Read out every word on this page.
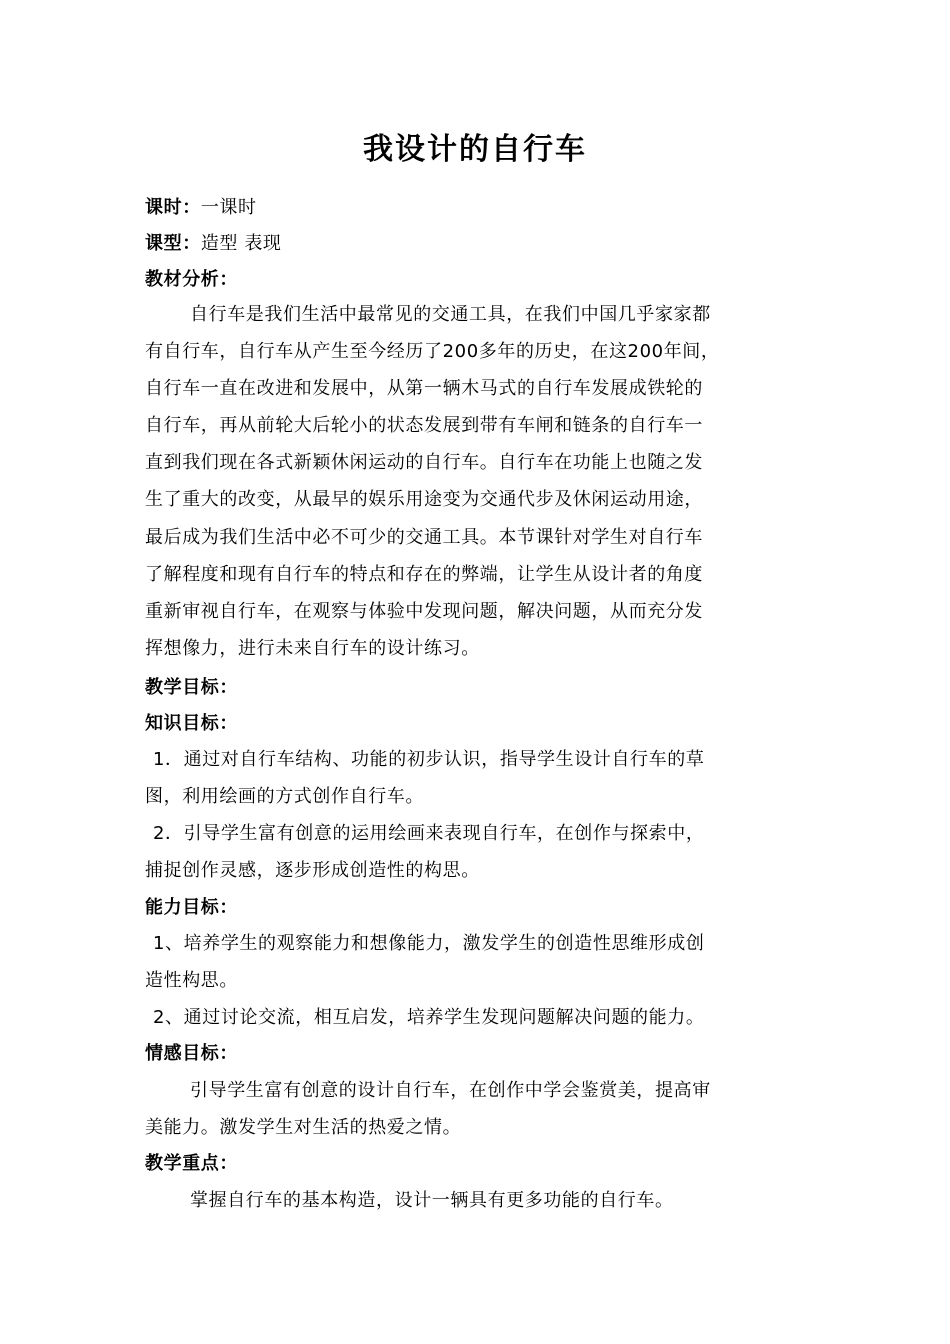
我设计的自行车
课时：一课时
课型：造型 表现
教材分析：
自行车是我们生活中最常见的交通工具，在我们中国几乎家家都
有自行车，自行车从产生至今经历了200多年的历史，在这200年间，
自行车一直在改进和发展中，从第一辆木马式的自行车发展成铁轮的
自行车，再从前轮大后轮小的状态发展到带有车闸和链条的自行车一
直到我们现在各式新颖休闲运动的自行车。自行车在功能上也随之发
生了重大的改变，从最早的娱乐用途变为交通代步及休闲运动用途，
最后成为我们生活中必不可少的交通工具。本节课针对学生对自行车
了解程度和现有自行车的特点和存在的弊端，让学生从设计者的角度
重新审视自行车，在观察与体验中发现问题，解决问题，从而充分发
挥想像力，进行未来自行车的设计练习。
教学目标：
知识目标：
1．通过对自行车结构、功能的初步认识，指导学生设计自行车的草
图，利用绘画的方式创作自行车。
2．引导学生富有创意的运用绘画来表现自行车，在创作与探索中，
捕捉创作灵感，逐步形成创造性的构思。
能力目标：
1、培养学生的观察能力和想像能力，激发学生的创造性思维形成创
造性构思。
2、通过讨论交流，相互启发，培养学生发现问题解决问题的能力。
情感目标：
引导学生富有创意的设计自行车，在创作中学会鉴赏美，提高审
美能力。激发学生对生活的热爱之情。
教学重点：
掌握自行车的基本构造，设计一辆具有更多功能的自行车。
